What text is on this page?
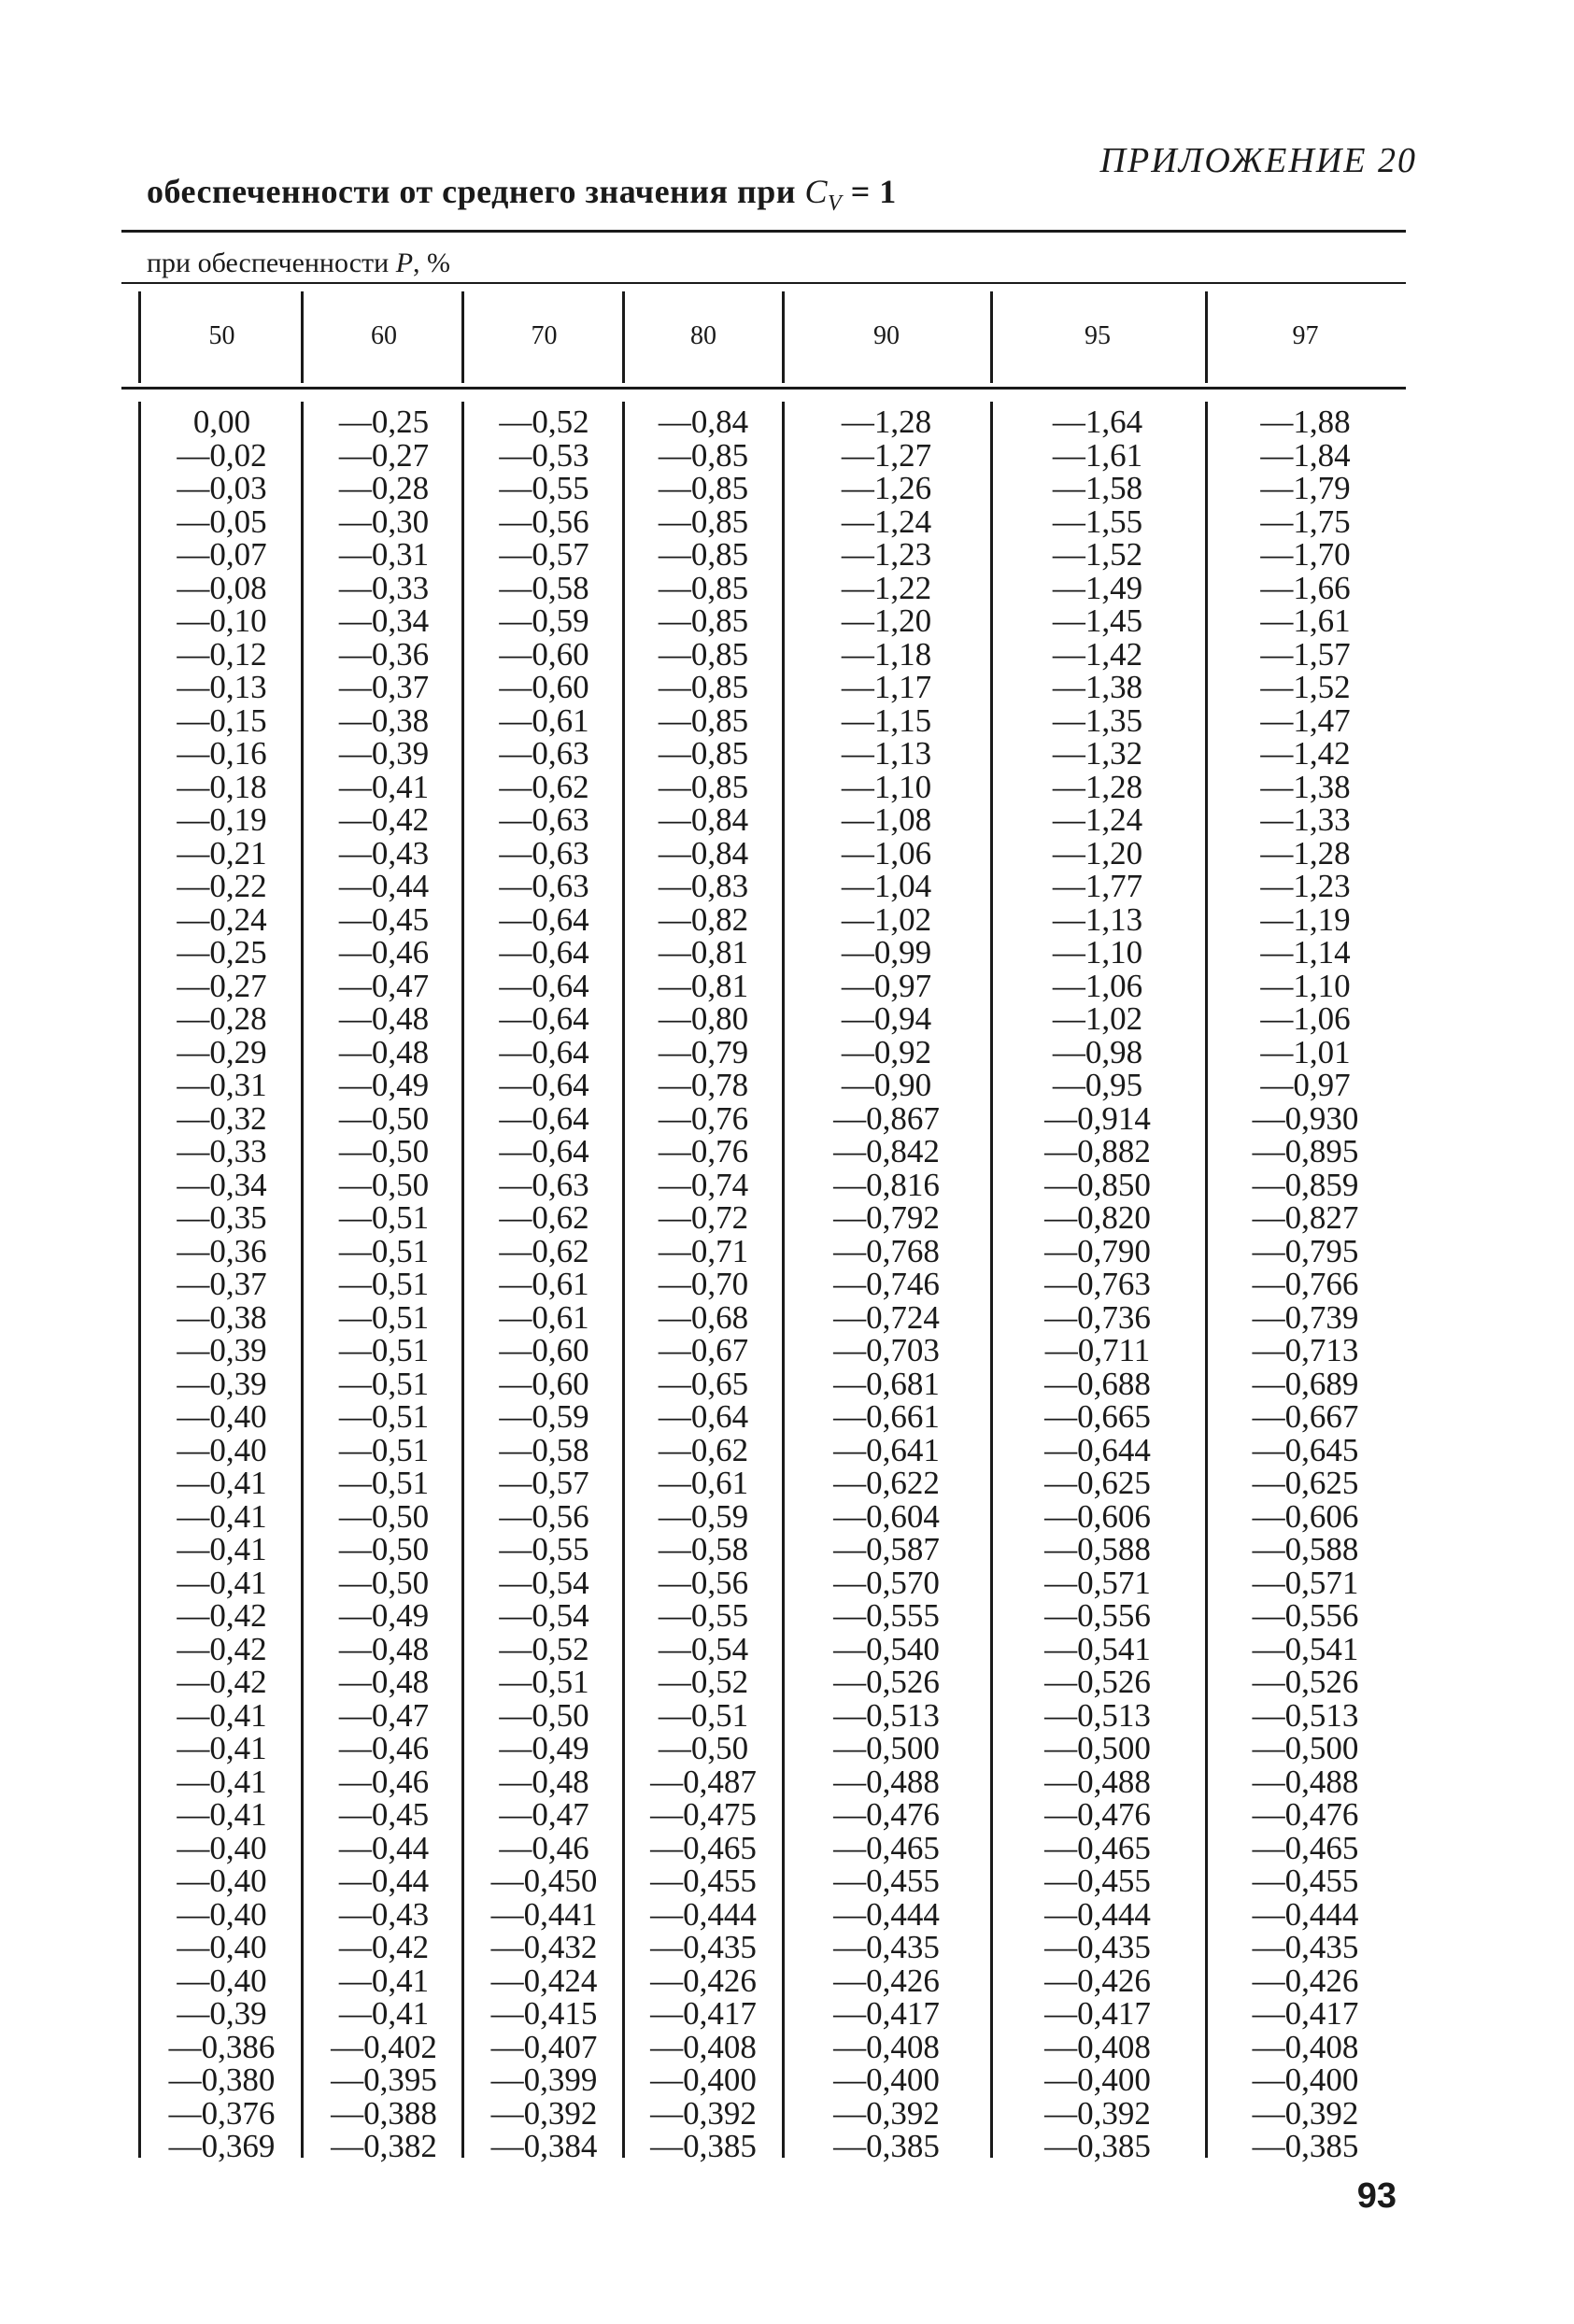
ПРИЛОЖЕНИЕ 20
обеспеченности от среднего значения при $C_V = 1$
при обеспеченности P, %
50
0,00
—0,02
—0,03
—0,05
—0,07
—0,08
—0,10
—0,12
—0,13
—0,15
—0,16
—0,18
—0,19
—0,21
—0,22
—0,24
—0,25
—0,27
—0,28
—0,29
—0,31
—0,32
—0,33
—0,34
—0,35
—0,36
—0,37
—0,38
—0,39
—0,39
—0,40
—0,40
—0,41
—0,41
—0,41
—0,41
—0,42
—0,42
—0,42
—0,41
—0,41
—0,41
—0,41
—0,40
—0,40
—0,40
—0,40
—0,40
—0,39
—0,386
—0,380
—0,376
—0,369
60
—0,25
—0,27
—0,28
—0,30
—0,31
—0,33
—0,34
—0,36
—0,37
—0,38
—0,39
—0,41
—0,42
—0,43
—0,44
—0,45
—0,46
—0,47
—0,48
—0,48
—0,49
—0,50
—0,50
—0,50
—0,51
—0,51
—0,51
—0,51
—0,51
—0,51
—0,51
—0,51
—0,51
—0,50
—0,50
—0,50
—0,49
—0,48
—0,48
—0,47
—0,46
—0,46
—0,45
—0,44
—0,44
—0,43
—0,42
—0,41
—0,41
—0,402
—0,395
—0,388
—0,382
70
—0,52
—0,53
—0,55
—0,56
—0,57
—0,58
—0,59
—0,60
—0,60
—0,61
—0,63
—0,62
—0,63
—0,63
—0,63
—0,64
—0,64
—0,64
—0,64
—0,64
—0,64
—0,64
—0,64
—0,63
—0,62
—0,62
—0,61
—0,61
—0,60
—0,60
—0,59
—0,58
—0,57
—0,56
—0,55
—0,54
—0,54
—0,52
—0,51
—0,50
—0,49
—0,48
—0,47
—0,46
—0,450
—0,441
—0,432
—0,424
—0,415
—0,407
—0,399
—0,392
—0,384
80
—0,84
—0,85
—0,85
—0,85
—0,85
—0,85
—0,85
—0,85
—0,85
—0,85
—0,85
—0,85
—0,84
—0,84
—0,83
—0,82
—0,81
—0,81
—0,80
—0,79
—0,78
—0,76
—0,76
—0,74
—0,72
—0,71
—0,70
—0,68
—0,67
—0,65
—0,64
—0,62
—0,61
—0,59
—0,58
—0,56
—0,55
—0,54
—0,52
—0,51
—0,50
—0,487
—0,475
—0,465
—0,455
—0,444
—0,435
—0,426
—0,417
—0,408
—0,400
—0,392
—0,385
90
—1,28
—1,27
—1,26
—1,24
—1,23
—1,22
—1,20
—1,18
—1,17
—1,15
—1,13
—1,10
—1,08
—1,06
—1,04
—1,02
—0,99
—0,97
—0,94
—0,92
—0,90
—0,867
—0,842
—0,816
—0,792
—0,768
—0,746
—0,724
—0,703
—0,681
—0,661
—0,641
—0,622
—0,604
—0,587
—0,570
—0,555
—0,540
—0,526
—0,513
—0,500
—0,488
—0,476
—0,465
—0,455
—0,444
—0,435
—0,426
—0,417
—0,408
—0,400
—0,392
—0,385
95
—1,64
—1,61
—1,58
—1,55
—1,52
—1,49
—1,45
—1,42
—1,38
—1,35
—1,32
—1,28
—1,24
—1,20
—1,77
—1,13
—1,10
—1,06
—1,02
—0,98
—0,95
—0,914
—0,882
—0,850
—0,820
—0,790
—0,763
—0,736
—0,711
—0,688
—0,665
—0,644
—0,625
—0,606
—0,588
—0,571
—0,556
—0,541
—0,526
—0,513
—0,500
—0,488
—0,476
—0,465
—0,455
—0,444
—0,435
—0,426
—0,417
—0,408
—0,400
—0,392
—0,385
97
—1,88
—1,84
—1,79
—1,75
—1,70
—1,66
—1,61
—1,57
—1,52
—1,47
—1,42
—1,38
—1,33
—1,28
—1,23
—1,19
—1,14
—1,10
—1,06
—1,01
—0,97
—0,930
—0,895
—0,859
—0,827
—0,795
—0,766
—0,739
—0,713
—0,689
—0,667
—0,645
—0,625
—0,606
—0,588
—0,571
—0,556
—0,541
—0,526
—0,513
—0,500
—0,488
—0,476
—0,465
—0,455
—0,444
—0,435
—0,426
—0,417
—0,408
—0,400
—0,392
—0,385
93
